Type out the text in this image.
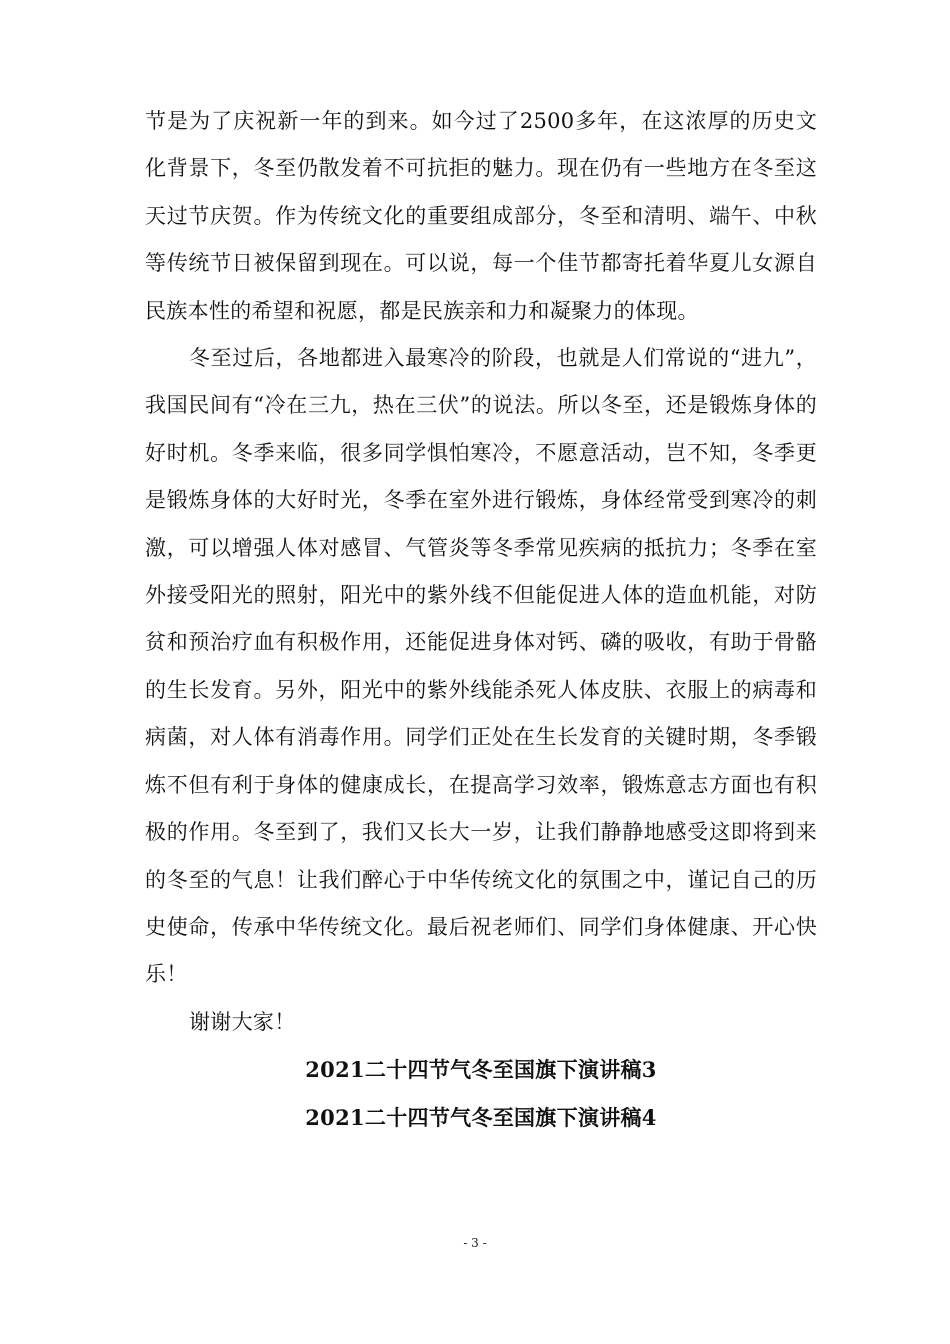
节是为了庆祝新一年的到来。如今过了2500多年，在这浓厚的历史文化背景下，冬至仍散发着不可抗拒的魅力。现在仍有一些地方在冬至这天过节庆贺。作为传统文化的重要组成部分，冬至和清明、端午、中秋等传统节日被保留到现在。可以说，每一个佳节都寄托着华夏儿女源自民族本性的希望和祝愿，都是民族亲和力和凝聚力的体现。

冬至过后，各地都进入最寒冷的阶段，也就是人们常说的“进九”，我国民间有“冷在三九，热在三伏”的说法。所以冬至，还是锻炼身体的好时机。冬季来临，很多同学惧怕寒冷，不愿意活动，岂不知，冬季更是锻炼身体的大好时光，冬季在室外进行锻炼，身体经常受到寒冷的刺激，可以增强人体对感冒、气管炎等冬季常见疾病的抵抗力；冬季在室外接受阳光的照射，阳光中的紫外线不但能促进人体的造血机能，对防贫和预治疗血有积极作用，还能促进身体对钙、磷的吸收，有助于骨骼的生长发育。另外，阳光中的紫外线能杀死人体皮肤、衣服上的病毒和病菌，对人体有消毒作用。同学们正处在生长发育的关键时期，冬季锻炼不但有利于身体的健康成长，在提高学习效率，锻炼意志方面也有积极的作用。冬至到了，我们又长大一岁，让我们静静地感受这即将到来的冬至的气息！让我们醉心于中华传统文化的氛围之中，谨记自己的历史使命，传承中华传统文化。最后祝老师们、同学们身体健康、开心快乐！

谢谢大家！

2021二十四节气冬至国旗下演讲稿3
2021二十四节气冬至国旗下演讲稿4
- 3 -
